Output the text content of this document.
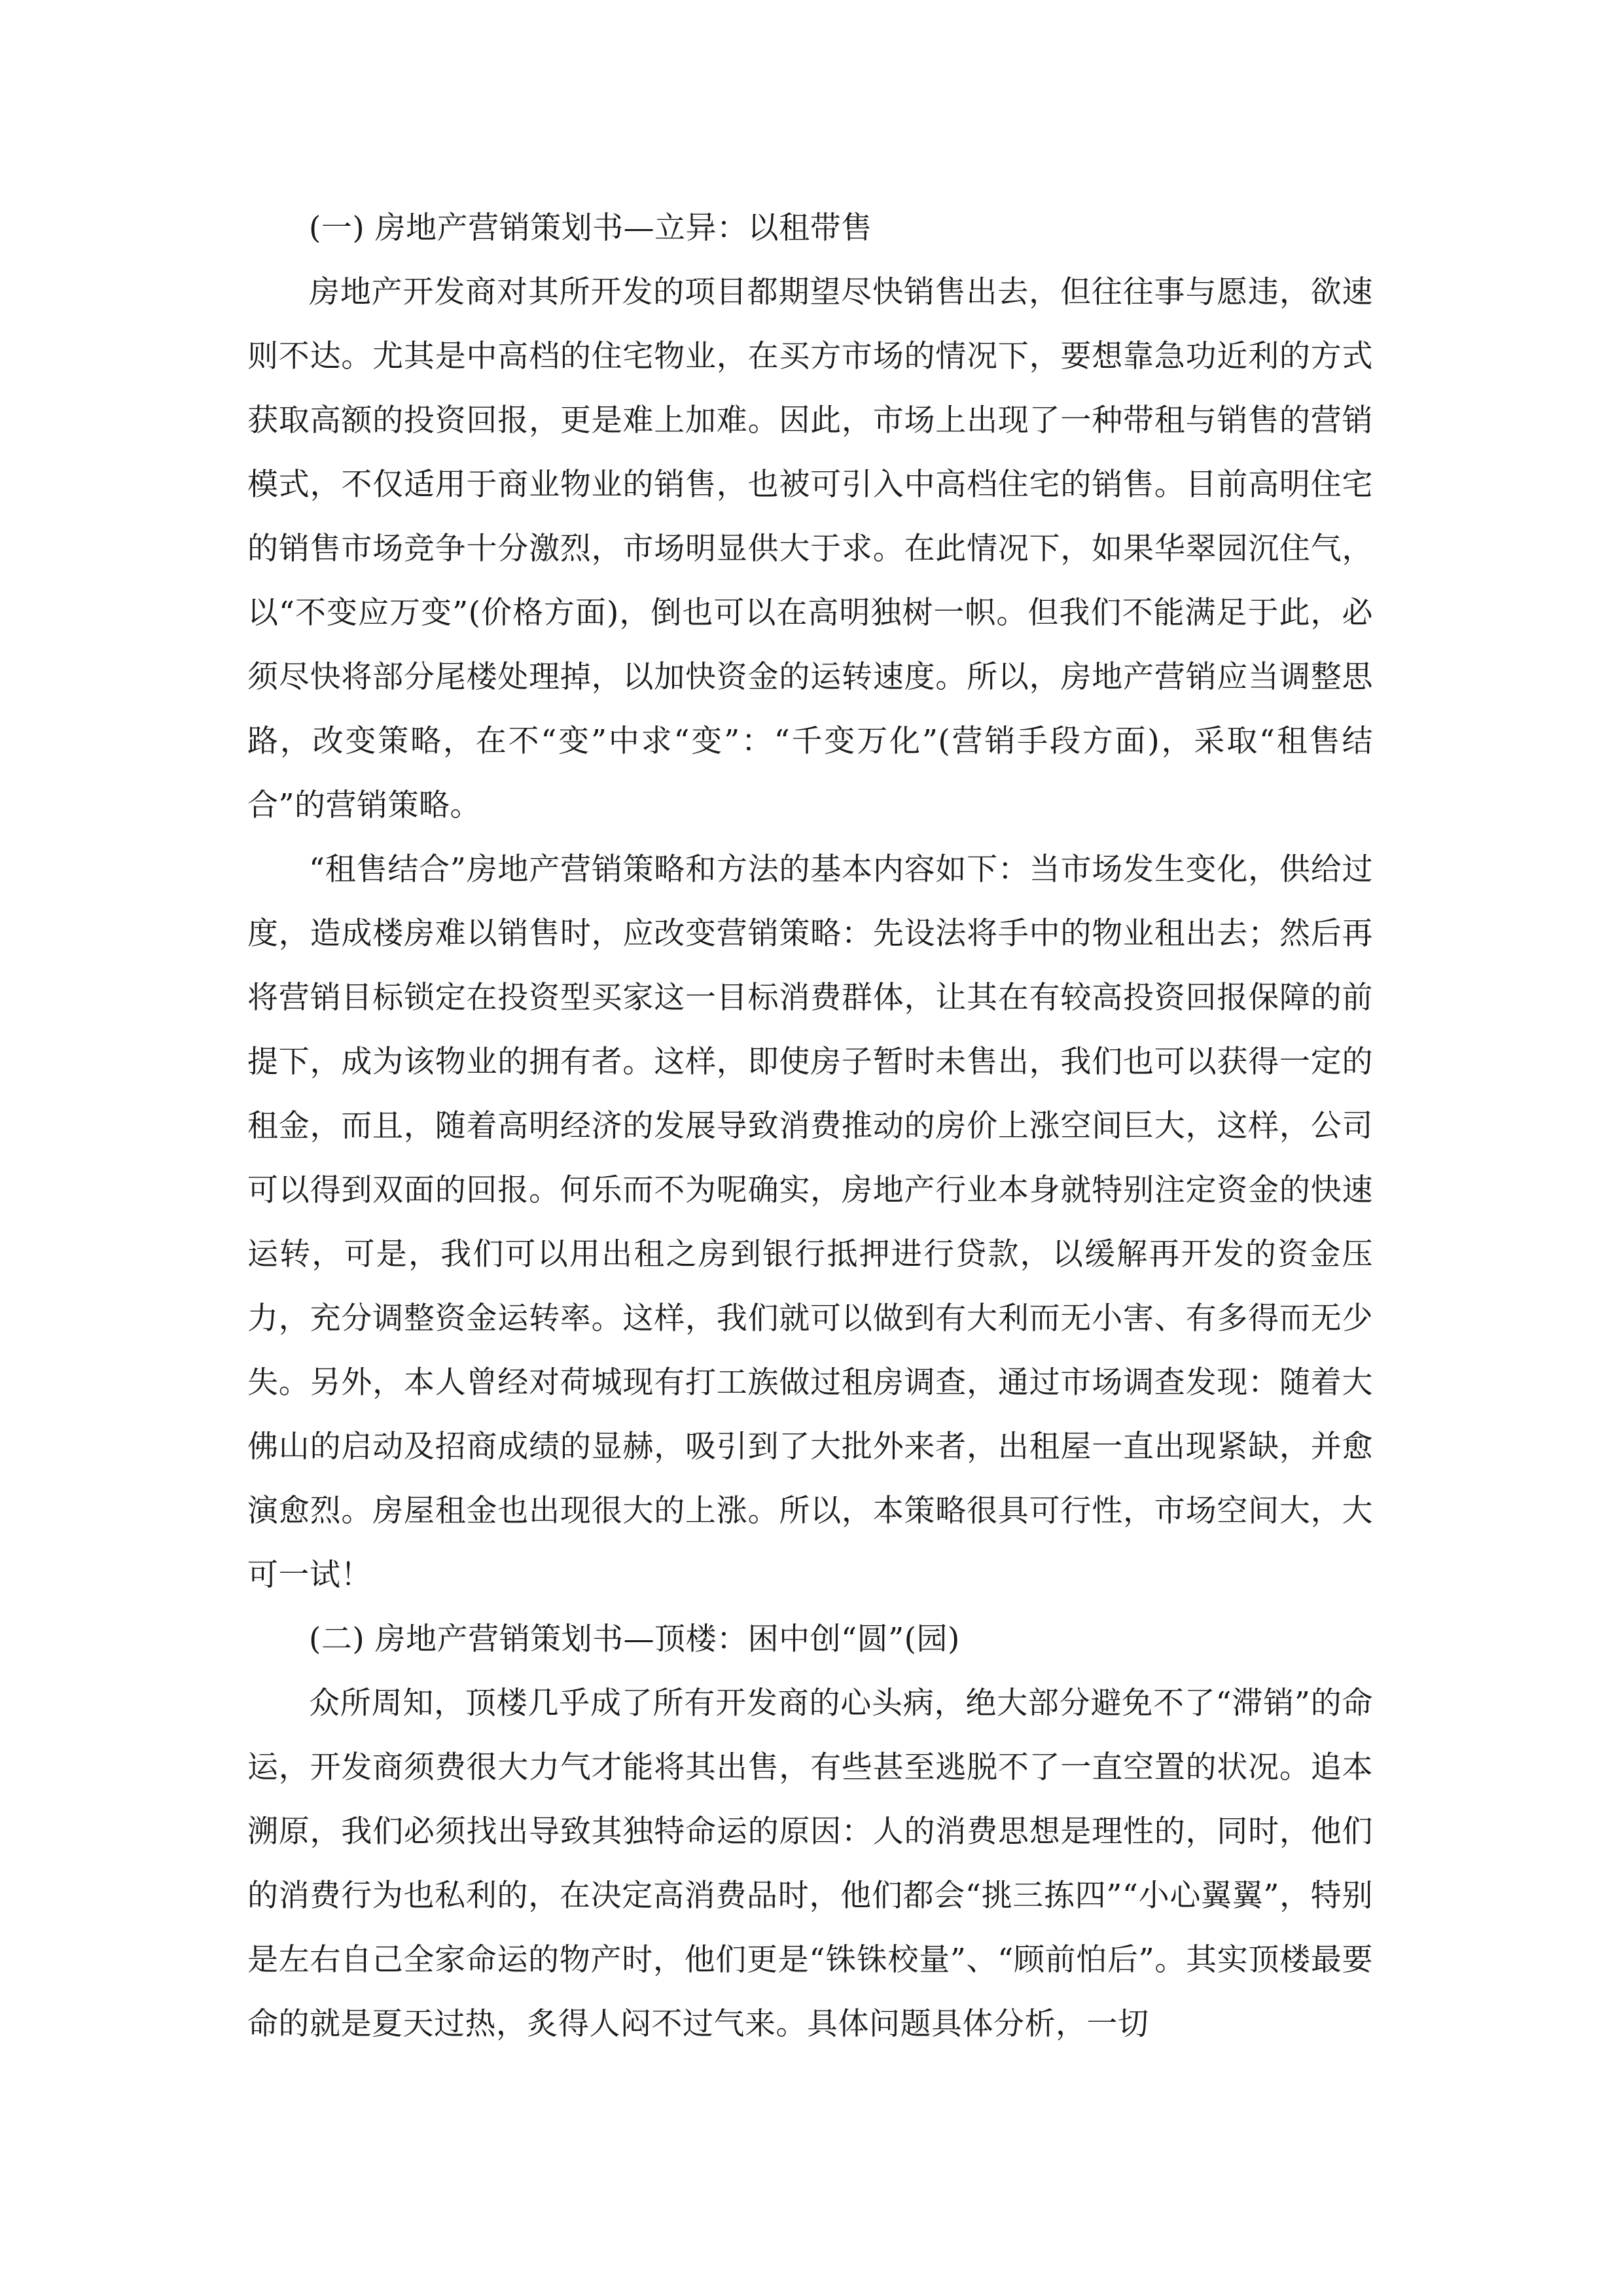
(一) 房地产营销策划书—立异：以租带售

房地产开发商对其所开发的项目都期望尽快销售出去，但往往事与愿违，欲速则不达。尤其是中高档的住宅物业，在买方市场的情况下，要想靠急功近利的方式获取高额的投资回报，更是难上加难。因此，市场上出现了一种带租与销售的营销模式，不仅适用于商业物业的销售，也被可引入中高档住宅的销售。目前高明住宅的销售市场竞争十分激烈，市场明显供大于求。在此情况下，如果华翠园沉住气，以“不变应万变”(价格方面)，倒也可以在高明独树一帜。但我们不能满足于此，必须尽快将部分尾楼处理掉，以加快资金的运转速度。所以，房地产营销应当调整思路，改变策略，在不“变”中求“变”：“千变万化”(营销手段方面)，采取“租售结合”的营销策略。

“租售结合”房地产营销策略和方法的基本内容如下：当市场发生变化，供给过度，造成楼房难以销售时，应改变营销策略：先设法将手中的物业租出去；然后再将营销目标锁定在投资型买家这一目标消费群体，让其在有较高投资回报保障的前提下，成为该物业的拥有者。这样，即使房子暂时未售出，我们也可以获得一定的租金，而且，随着高明经济的发展导致消费推动的房价上涨空间巨大，这样，公司可以得到双面的回报。何乐而不为呢确实，房地产行业本身就特别注定资金的快速运转，可是，我们可以用出租之房到银行抵押进行贷款，以缓解再开发的资金压力，充分调整资金运转率。这样，我们就可以做到有大利而无小害、有多得而无少失。另外，本人曾经对荷城现有打工族做过租房调查，通过市场调查发现：随着大佛山的启动及招商成绩的显赫，吸引到了大批外来者，出租屋一直出现紧缺，并愈演愈烈。房屋租金也出现很大的上涨。所以，本策略很具可行性，市场空间大，大可一试！

(二) 房地产营销策划书—顶楼：困中创“圆”(园)

众所周知，顶楼几乎成了所有开发商的心头病，绝大部分避免不了“滞销”的命运，开发商须费很大力气才能将其出售，有些甚至逃脱不了一直空置的状况。追本溯原，我们必须找出导致其独特命运的原因：人的消费思想是理性的，同时，他们的消费行为也私利的，在决定高消费品时，他们都会“挑三拣四”“小心翼翼”，特别是左右自己全家命运的物产时，他们更是“铢铢校量”、“顾前怕后”。其实顶楼最要命的就是夏天过热，炙得人闷不过气来。具体问题具体分析，一切
